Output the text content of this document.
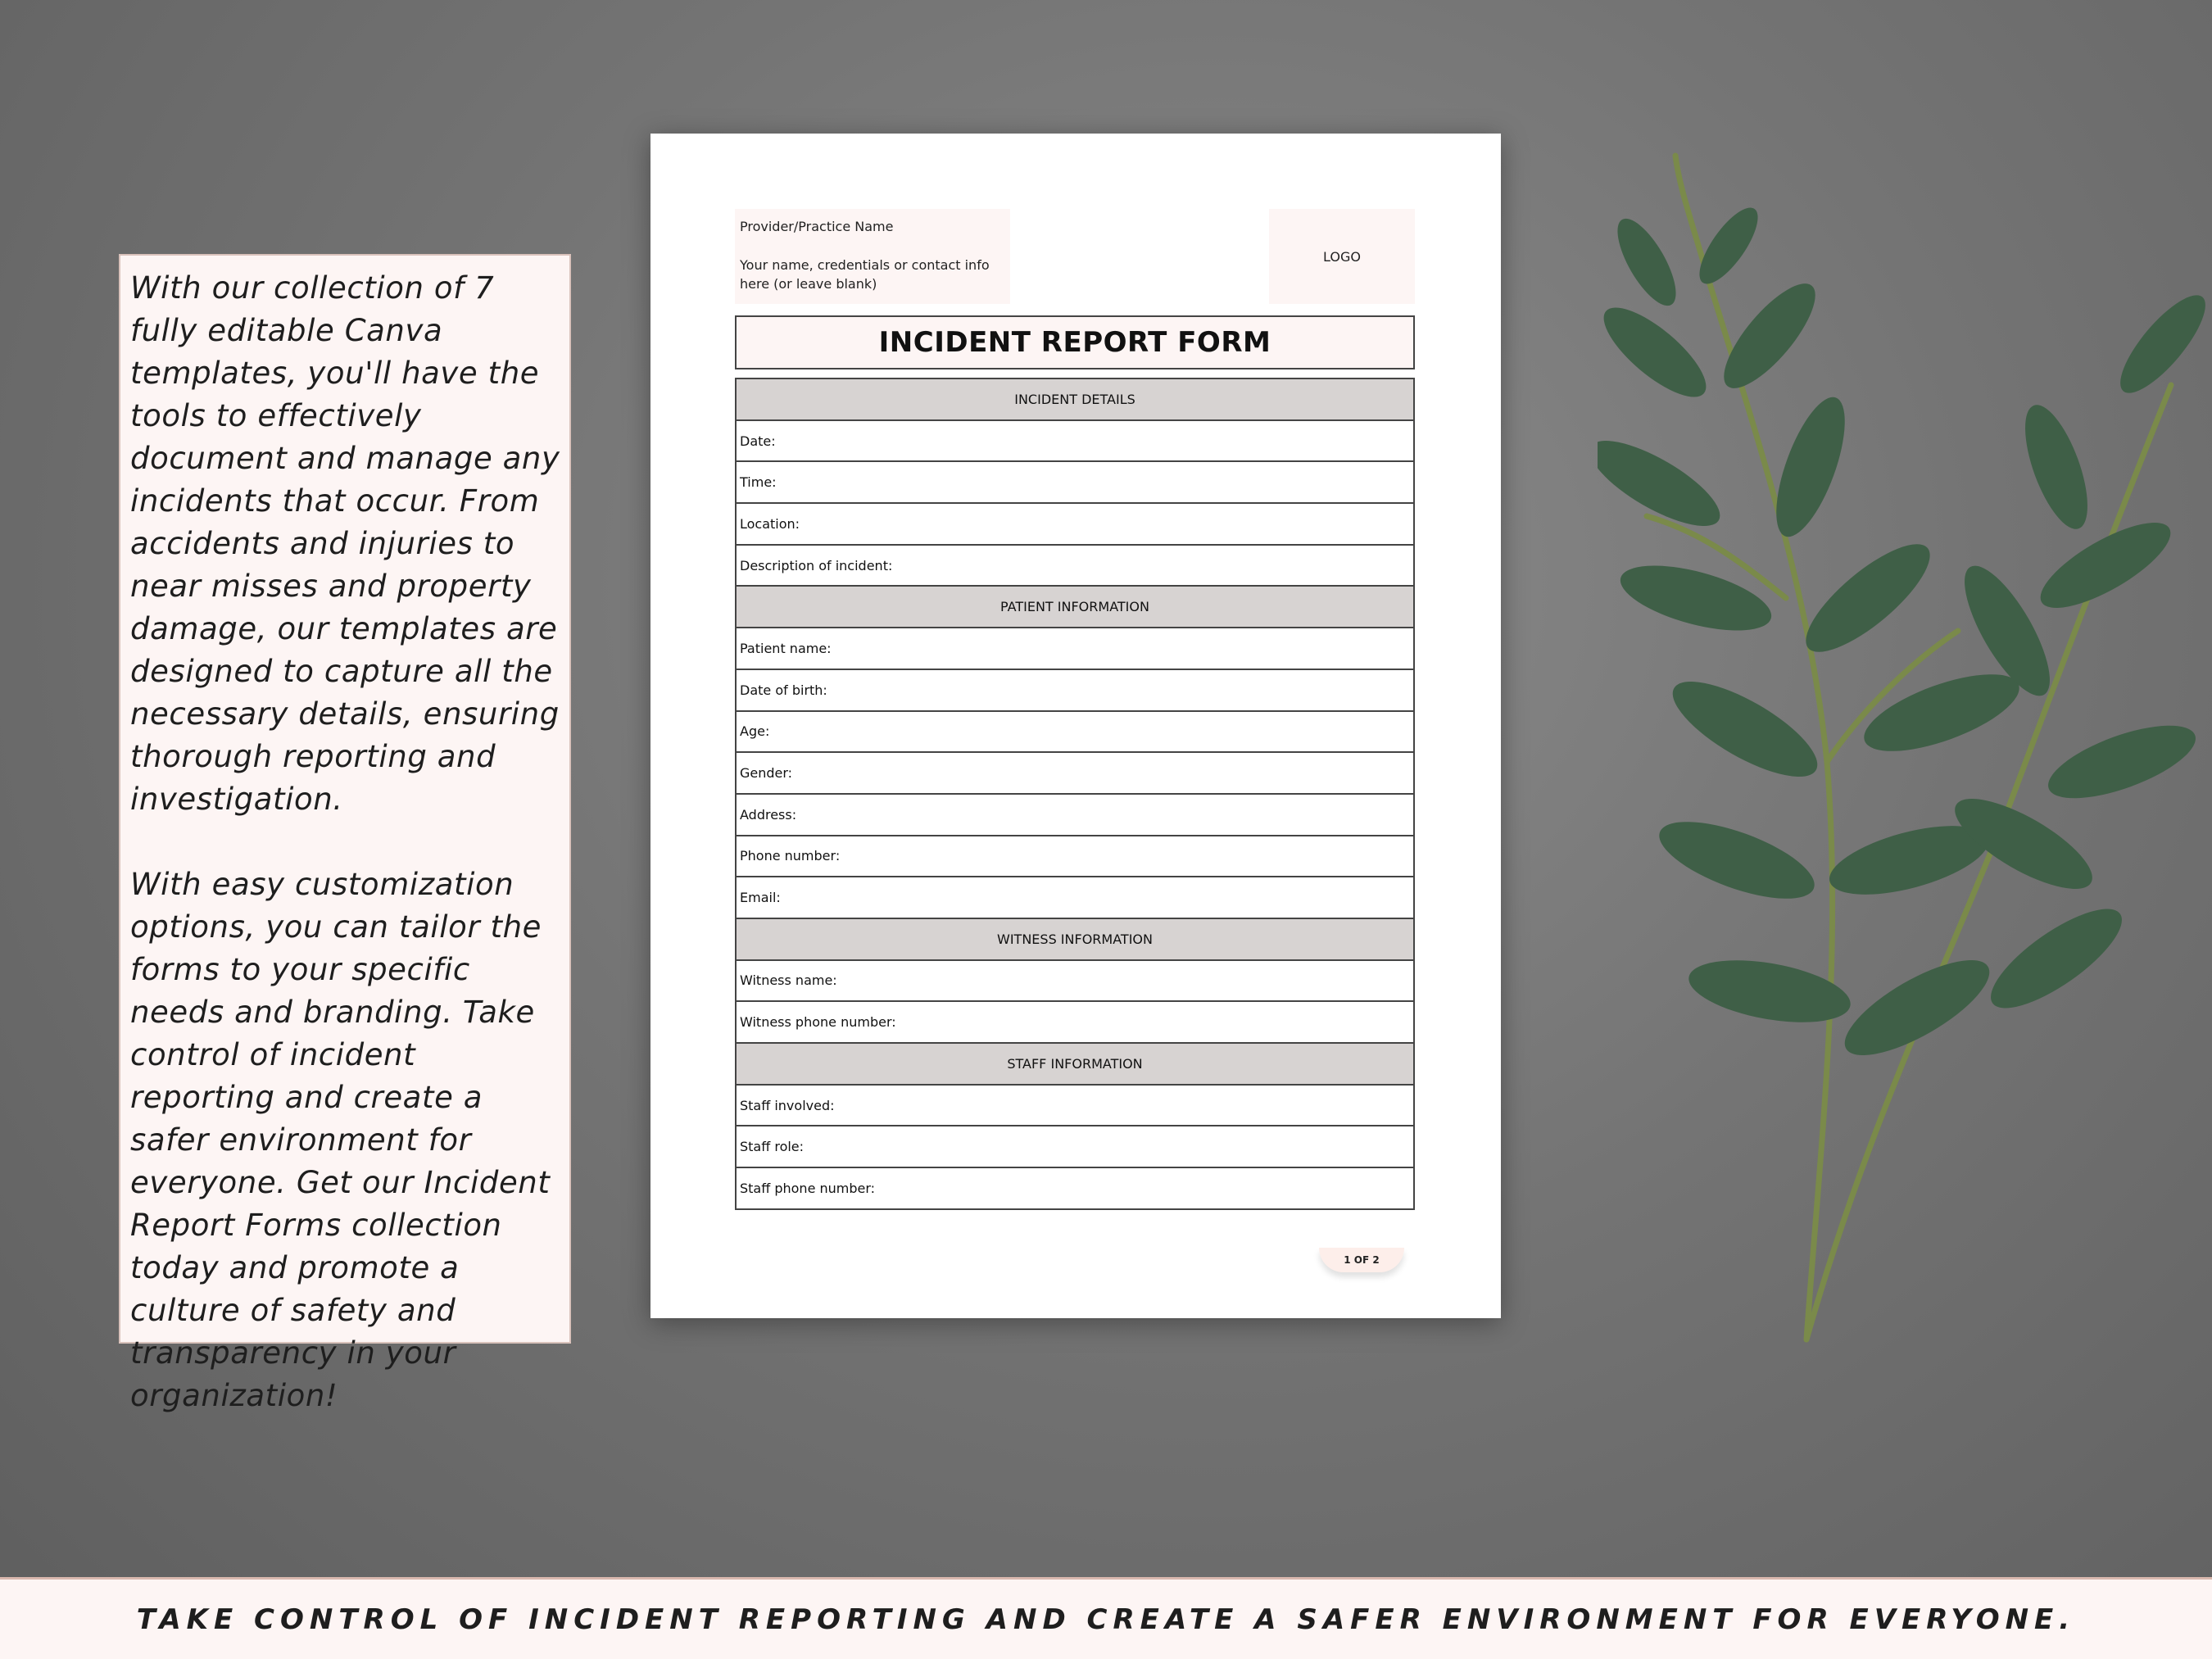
With our collection of 7 fully editable Canva templates, you'll have the tools to effectively document and manage any incidents that occur. From accidents and injuries to near misses and property damage, our templates are designed to capture all the necessary details, ensuring thorough reporting and investigation.

With easy customization options, you can tailor the forms to your specific needs and branding. Take control of incident reporting and create a safer environment for everyone. Get our Incident Report Forms collection today and promote a culture of safety and transparency in your organization!

Provider/Practice Name
Your name, credentials or contact info here (or leave blank)
LOGO
INCIDENT REPORT FORM
INCIDENT DETAILS
Date:
Time:
Location:
Description of incident:
PATIENT INFORMATION
Patient name:
Date of birth:
Age:
Gender:
Address:
Phone number:
Email:
WITNESS INFORMATION
Witness name:
Witness phone number:
STAFF INFORMATION
Staff involved:
Staff role:
Staff phone number:
1 OF 2
TAKE CONTROL OF INCIDENT REPORTING AND CREATE A SAFER ENVIRONMENT FOR EVERYONE.
